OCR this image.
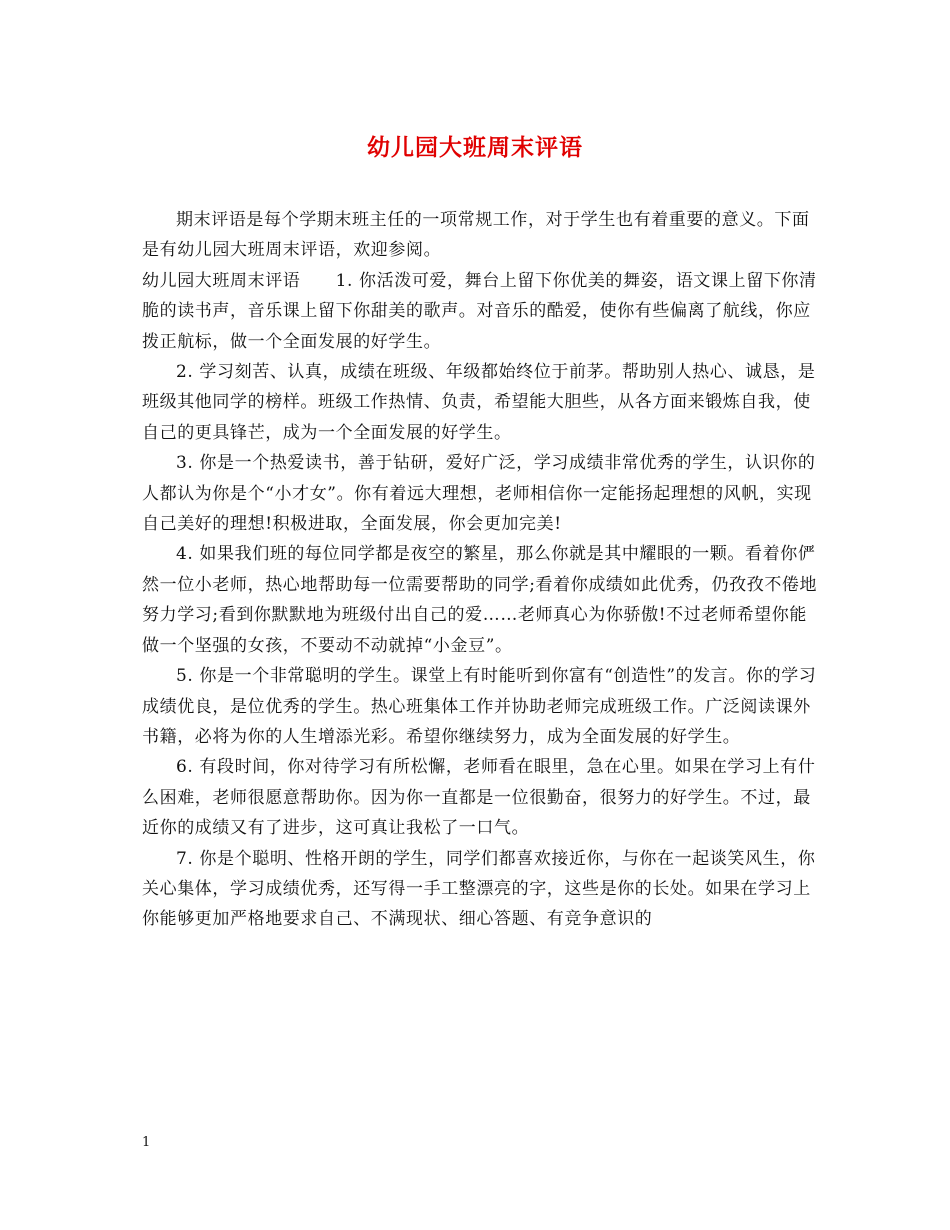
幼儿园大班周末评语

期末评语是每个学期末班主任的一项常规工作，对于学生也有着重要的意义。下面是有幼儿园大班周末评语，欢迎参阅。

幼儿园大班周末评语　　1. 你活泼可爱，舞台上留下你优美的舞姿，语文课上留下你清脆的读书声，音乐课上留下你甜美的歌声。对音乐的酷爱，使你有些偏离了航线，你应拨正航标，做一个全面发展的好学生。

2. 学习刻苦、认真，成绩在班级、年级都始终位于前茅。帮助别人热心、诚恳，是班级其他同学的榜样。班级工作热情、负责，希望能大胆些，从各方面来锻炼自我，使自己的更具锋芒，成为一个全面发展的好学生。

3. 你是一个热爱读书，善于钻研，爱好广泛，学习成绩非常优秀的学生，认识你的人都认为你是个“小才女”。你有着远大理想，老师相信你一定能扬起理想的风帆，实现自己美好的理想!积极进取，全面发展，你会更加完美!

4. 如果我们班的每位同学都是夜空的繁星，那么你就是其中耀眼的一颗。看着你俨然一位小老师，热心地帮助每一位需要帮助的同学;看着你成绩如此优秀，仍孜孜不倦地努力学习;看到你默默地为班级付出自己的爱……老师真心为你骄傲!不过老师希望你能做一个坚强的女孩，不要动不动就掉“小金豆”。

5. 你是一个非常聪明的学生。课堂上有时能听到你富有“创造性”的发言。你的学习成绩优良，是位优秀的学生。热心班集体工作并协助老师完成班级工作。广泛阅读课外书籍，必将为你的人生增添光彩。希望你继续努力，成为全面发展的好学生。

6. 有段时间，你对待学习有所松懈，老师看在眼里，急在心里。如果在学习上有什么困难，老师很愿意帮助你。因为你一直都是一位很勤奋，很努力的好学生。不过，最近你的成绩又有了进步，这可真让我松了一口气。

7. 你是个聪明、性格开朗的学生，同学们都喜欢接近你，与你在一起谈笑风生，你关心集体，学习成绩优秀，还写得一手工整漂亮的字，这些是你的长处。如果在学习上你能够更加严格地要求自己、不满现状、细心答题、有竞争意识的

1
